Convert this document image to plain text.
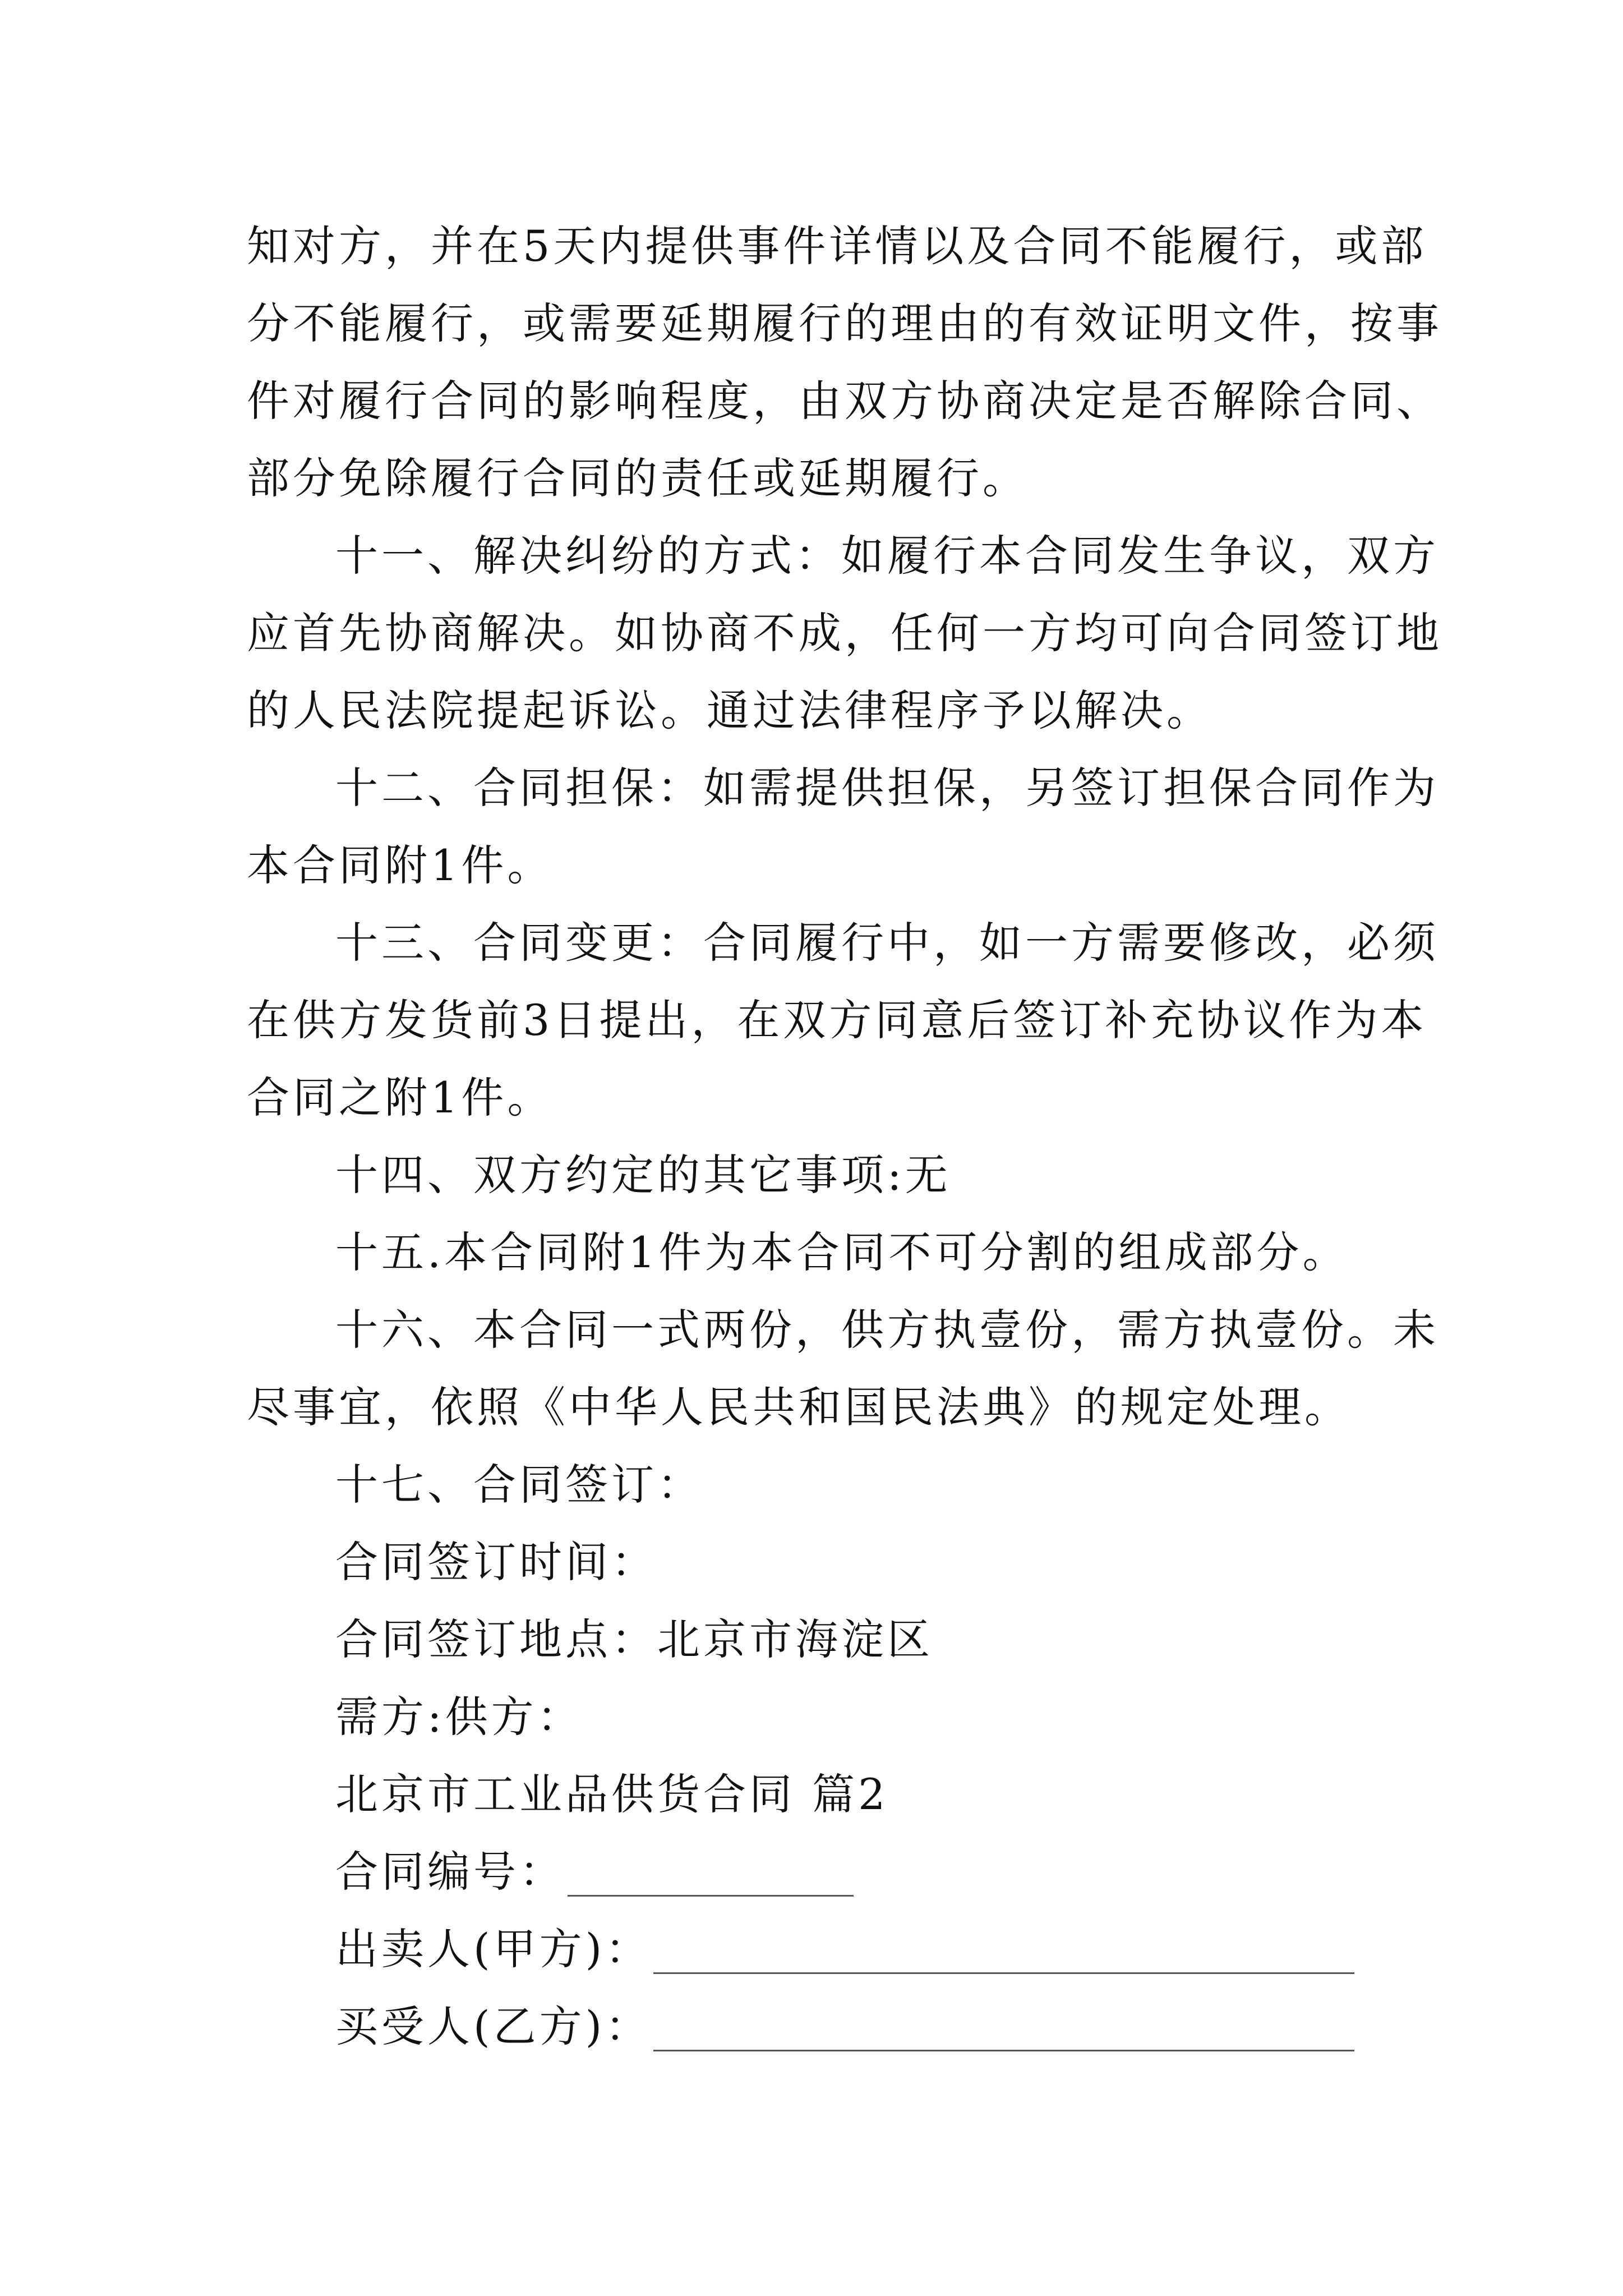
知对方，并在5天内提供事件详情以及合同不能履行，或部
分不能履行，或需要延期履行的理由的有效证明文件，按事
件对履行合同的影响程度，由双方协商决定是否解除合同、
部分免除履行合同的责任或延期履行。
十一、解决纠纷的方式：如履行本合同发生争议，双方
应首先协商解决。如协商不成，任何一方均可向合同签订地
的人民法院提起诉讼。通过法律程序予以解决。
十二、合同担保：如需提供担保，另签订担保合同作为
本合同附1件。
十三、合同变更：合同履行中，如一方需要修改，必须
在供方发货前3日提出，在双方同意后签订补充协议作为本
合同之附1件。
十四、双方约定的其它事项:无
十五.本合同附1件为本合同不可分割的组成部分。
十六、本合同一式两份，供方执壹份，需方执壹份。未
尽事宜，依照《中华人民共和国民法典》的规定处理。
十七、合同签订：
合同签订时间：
合同签订地点：北京市海淀区
需方:供方：
北京市工业品供货合同 篇2
合同编号：
出卖人(甲方)：
买受人(乙方)：
